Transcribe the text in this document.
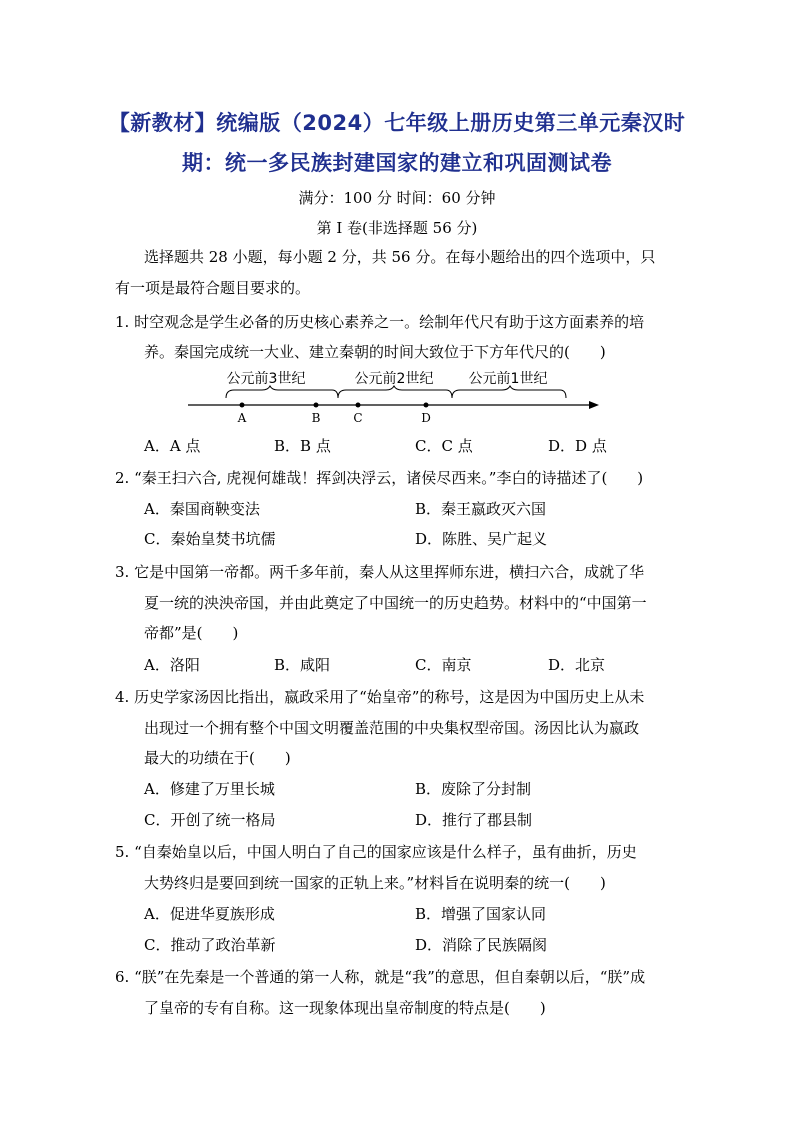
【新教材】统编版（2024）七年级上册历史第三单元秦汉时
期：统一多民族封建国家的建立和巩固测试卷
满分：100 分 时间：60 分钟
第 I 卷(非选择题 56 分)
选择题共 28 小题，每小题 2 分，共 56 分。在每小题给出的四个选项中，只
有一项是最符合题目要求的。
1. 时空观念是学生必备的历史核心素养之一。绘制年代尺有助于这方面素养的培
养。秦国完成统一大业、建立秦朝的时间大致位于下方年代尺的(　　)
公元前3世纪	公元前2世纪	公元前1世纪
A	B	C	D
A．A 点	B．B 点	C．C 点	D．D 点
2. “秦王扫六合, 虎视何雄哉！挥剑决浮云，诸侯尽西来。”李白的诗描述了(　　)
A．秦国商鞅变法	B．秦王嬴政灭六国
C．秦始皇焚书坑儒	D．陈胜、吴广起义
3. 它是中国第一帝都。两千多年前，秦人从这里挥师东进，横扫六合，成就了华
夏一统的泱泱帝国，并由此奠定了中国统一的历史趋势。材料中的“中国第一
帝都”是(　　)
A．洛阳	B．咸阳	C．南京	D．北京
4. 历史学家汤因比指出，嬴政采用了“始皇帝”的称号，这是因为中国历史上从未
出现过一个拥有整个中国文明覆盖范围的中央集权型帝国。汤因比认为嬴政
最大的功绩在于(　　)
A．修建了万里长城	B．废除了分封制
C．开创了统一格局	D．推行了郡县制
5. “自秦始皇以后，中国人明白了自己的国家应该是什么样子，虽有曲折，历史
大势终归是要回到统一国家的正轨上来。”材料旨在说明秦的统一(　　)
A．促进华夏族形成	B．增强了国家认同
C．推动了政治革新	D．消除了民族隔阂
6. “朕”在先秦是一个普通的第一人称，就是“我”的意思，但自秦朝以后，“朕”成
了皇帝的专有自称。这一现象体现出皇帝制度的特点是(　　)
